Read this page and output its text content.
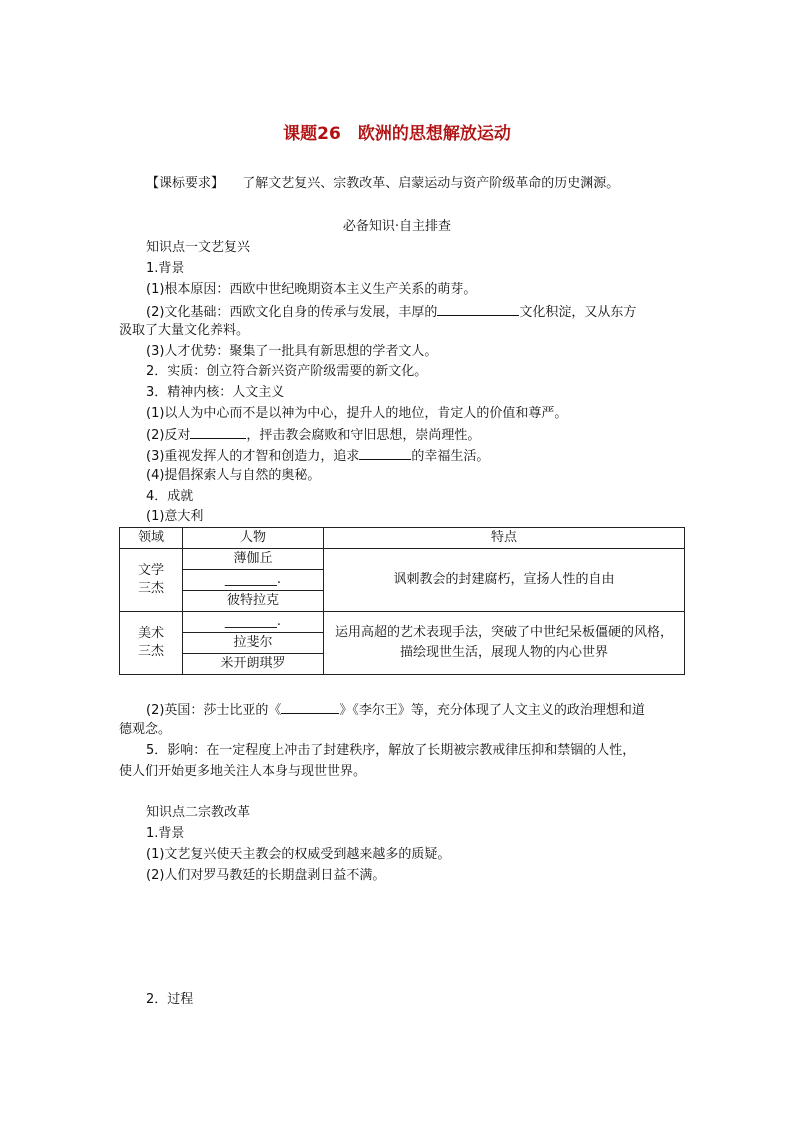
课题26　欧洲的思想解放运动
【课标要求】 了解文艺复兴、宗教改革、启蒙运动与资产阶级革命的历史渊源。
必备知识·自主排查
知识点一文艺复兴
1.背景
(1)根本原因：西欧中世纪晚期资本主义生产关系的萌芽。
(2)文化基础：西欧文化自身的传承与发展，丰厚的	文化积淀，又从东方
汲取了大量文化养料。
(3)人才优势：聚集了一批具有新思想的学者文人。
2．实质：创立符合新兴资产阶级需要的新文化。
3．精神内核：人文主义
(1)以人为中心而不是以神为中心，提升人的地位，肯定人的价值和尊严。
(2)反对	，抨击教会腐败和守旧思想，崇尚理性。
(3)重视发挥人的才智和创造力，追求	的幸福生活。
(4)提倡探索人与自然的奥秘。
4．成就
(1)意大利
领域	人物	特点
文学三杰	薄伽丘	讽刺教会的封建腐朽，宣扬人性的自由
	________.	
	彼特拉克	
美术三杰	________.	运用高超的艺术表现手法，突破了中世纪呆板僵硬的风格，
描绘现世生活，展现人物的内心世界

	拉斐尔	
	米开朗琪罗	
(2)英国：莎士比亚的《	》《李尔王》等，充分体现了人文主义的政治理想和道
德观念。
5．影响：在一定程度上冲击了封建秩序，解放了长期被宗教戒律压抑和禁锢的人性，
使人们开始更多地关注人本身与现世世界。
知识点二宗教改革
1.背景
(1)文艺复兴使天主教会的权威受到越来越多的质疑。
(2)人们对罗马教廷的长期盘剥日益不满。
2．过程
